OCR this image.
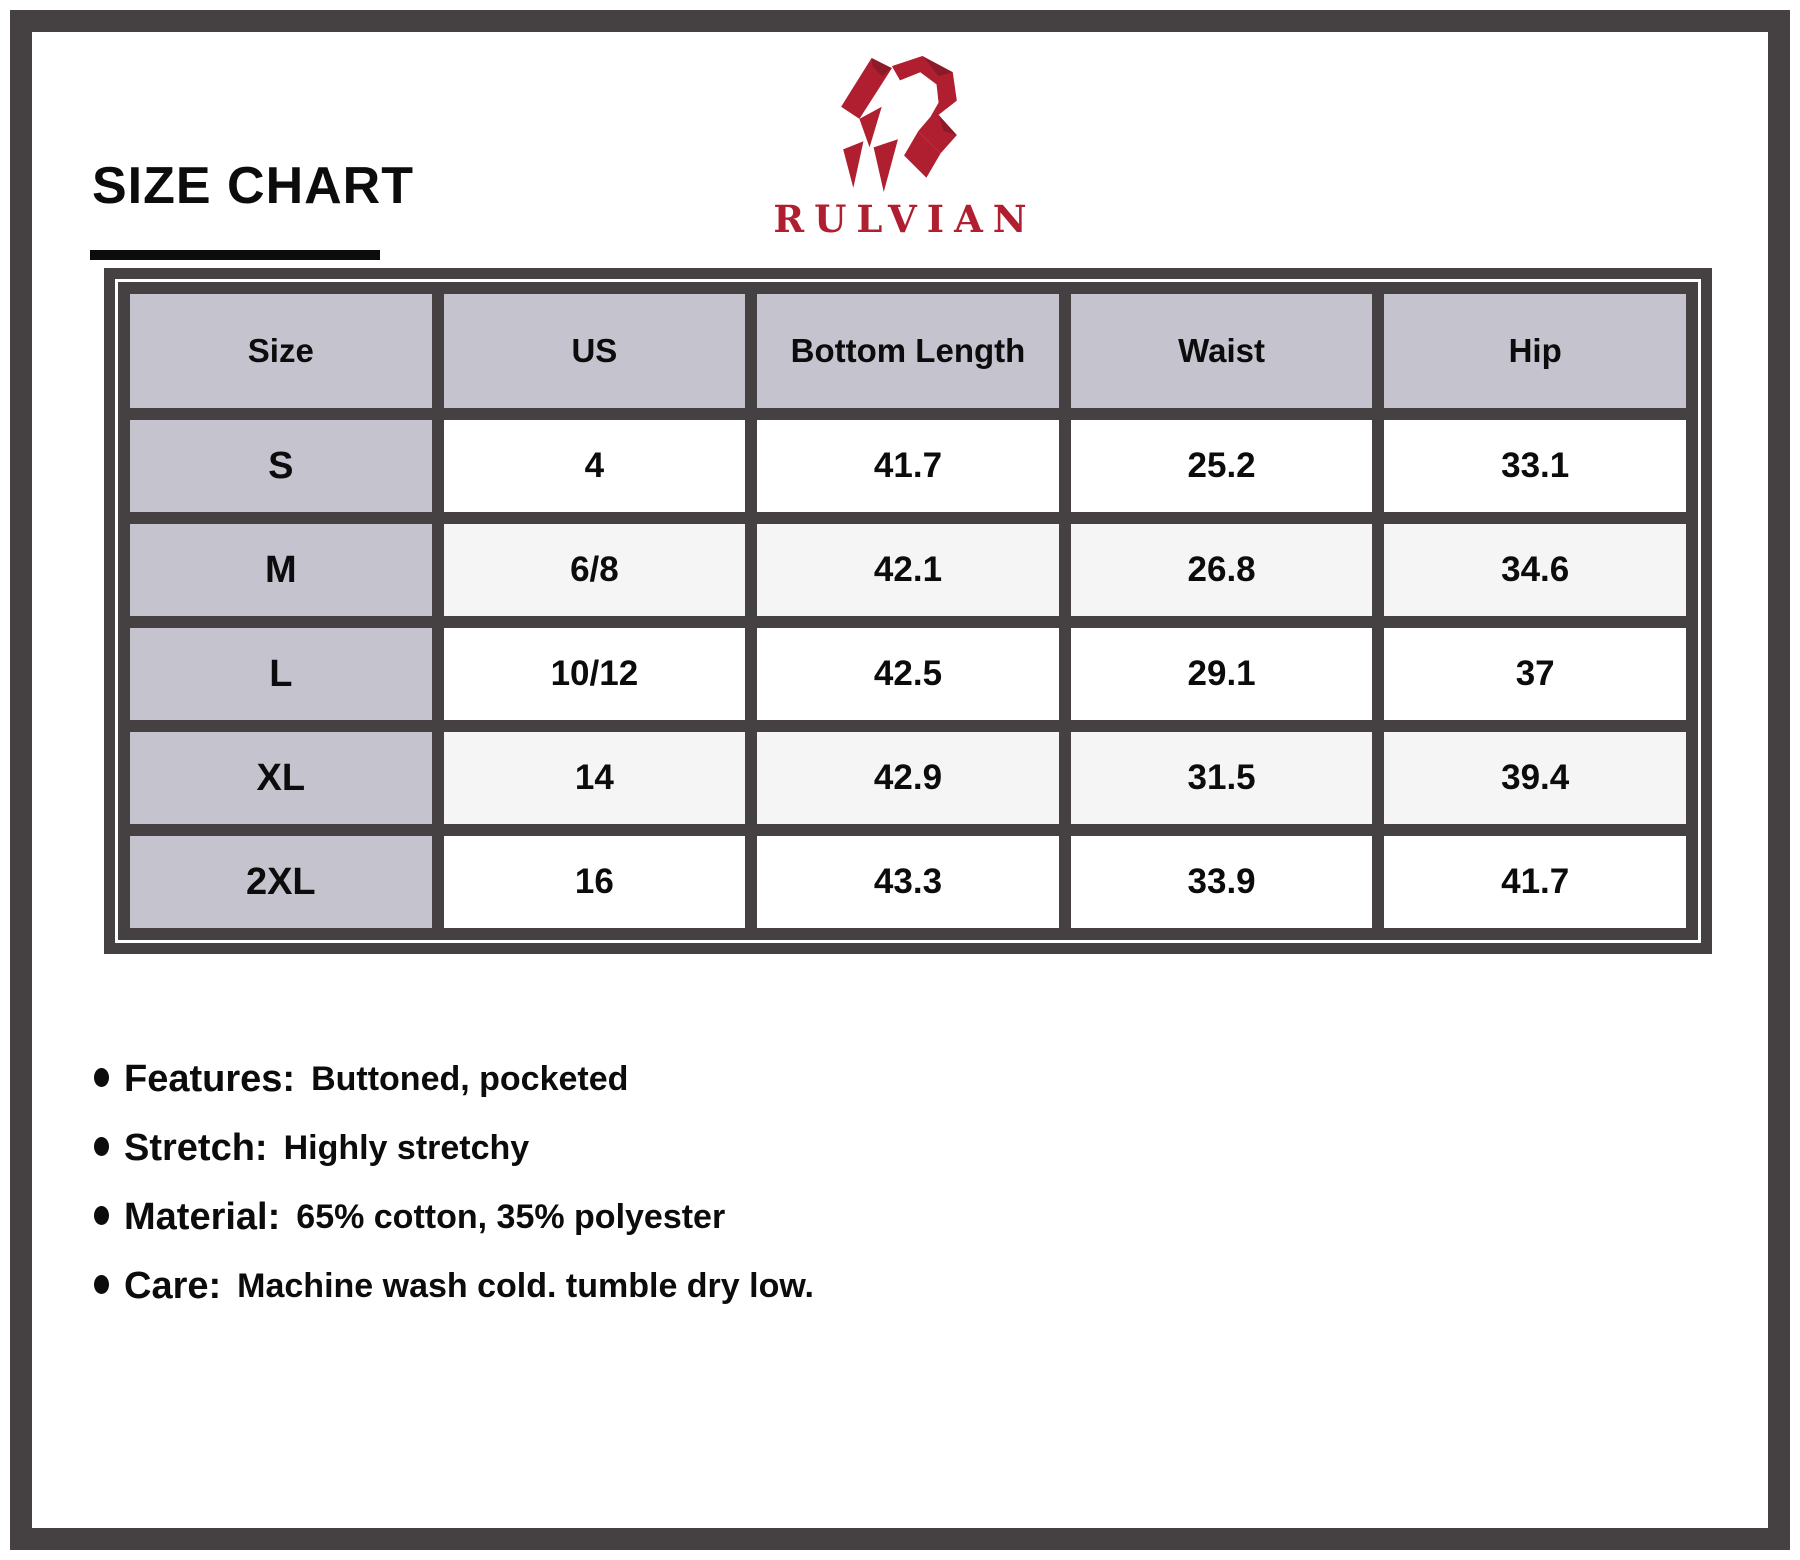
SIZE CHART
RULVIAN
Size	US	Bottom Length	Waist	Hip
S	4	41.7	25.2	33.1
M	6/8	42.1	26.8	34.6
L	10/12	42.5	29.1	37
XL	14	42.9	31.5	39.4
2XL	16	43.3	33.9	41.7
Features: Buttoned, pocketed
Stretch: Highly stretchy
Material: 65% cotton, 35% polyester
Care: Machine wash cold. tumble dry low.
